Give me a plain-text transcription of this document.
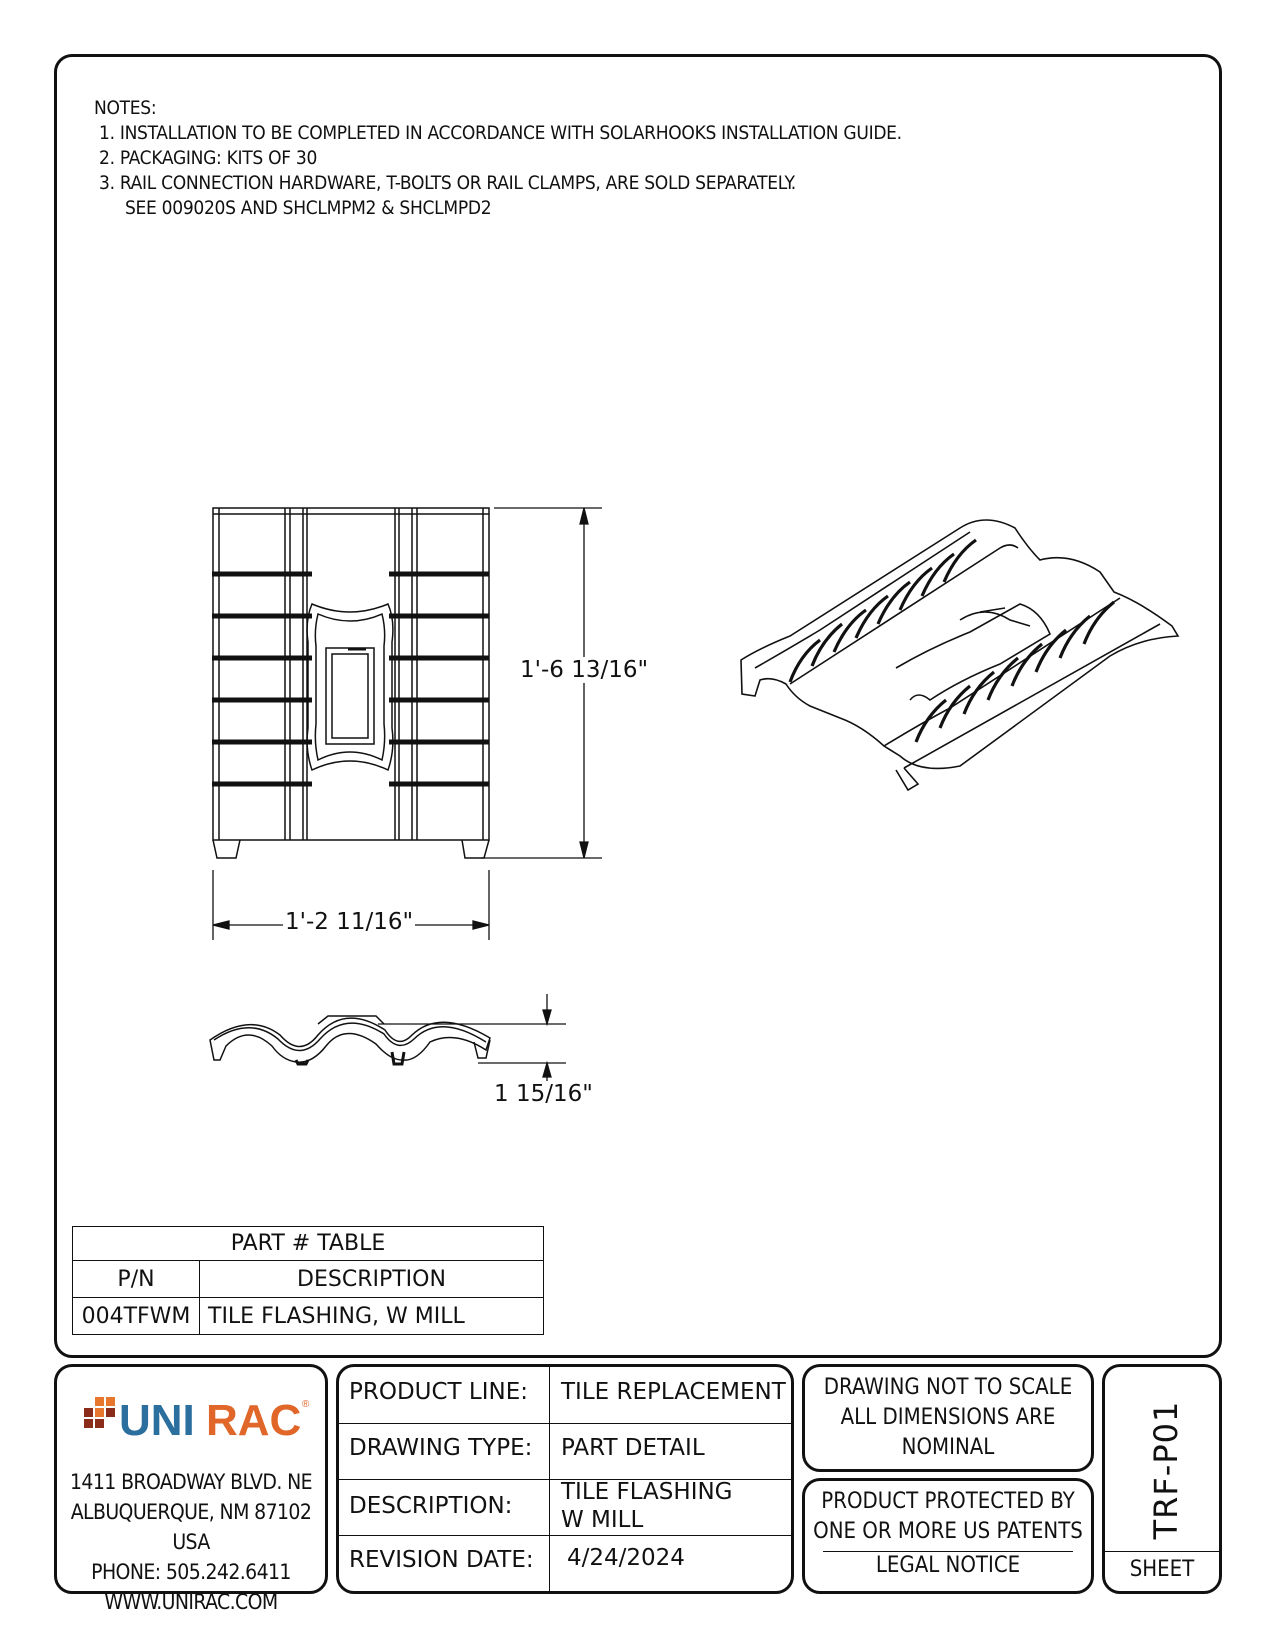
NOTES:
1. INSTALLATION TO BE COMPLETED IN ACCORDANCE WITH SOLARHOOKS INSTALLATION GUIDE.
2. PACKAGING: KITS OF 30
3. RAIL CONNECTION HARDWARE, T-BOLTS OR RAIL CLAMPS, ARE SOLD SEPARATELY.
SEE 009020S AND SHCLMPM2 & SHCLMPD2
1'-6 13/16"
1'-2 11/16"
1 15/16"
PART # TABLE	
P/N	DESCRIPTION
004TFWM	TILE FLASHING, W MILL
UNI RAC ®
1411 BROADWAY BLVD. NE
ALBUQUERQUE, NM 87102 USA
PHONE: 505.242.6411
WWW.UNIRAC.COM
PRODUCT LINE: TILE REPLACEMENT
DRAWING TYPE: PART DETAIL
DESCRIPTION:
TILE FLASHING
W MILL
REVISION DATE: 4/24/2024
DRAWING NOT TO SCALE
ALL DIMENSIONS ARE
NOMINAL
PRODUCT PROTECTED BY
ONE OR MORE US PATENTS
LEGAL NOTICE
TRF-P01
SHEET
